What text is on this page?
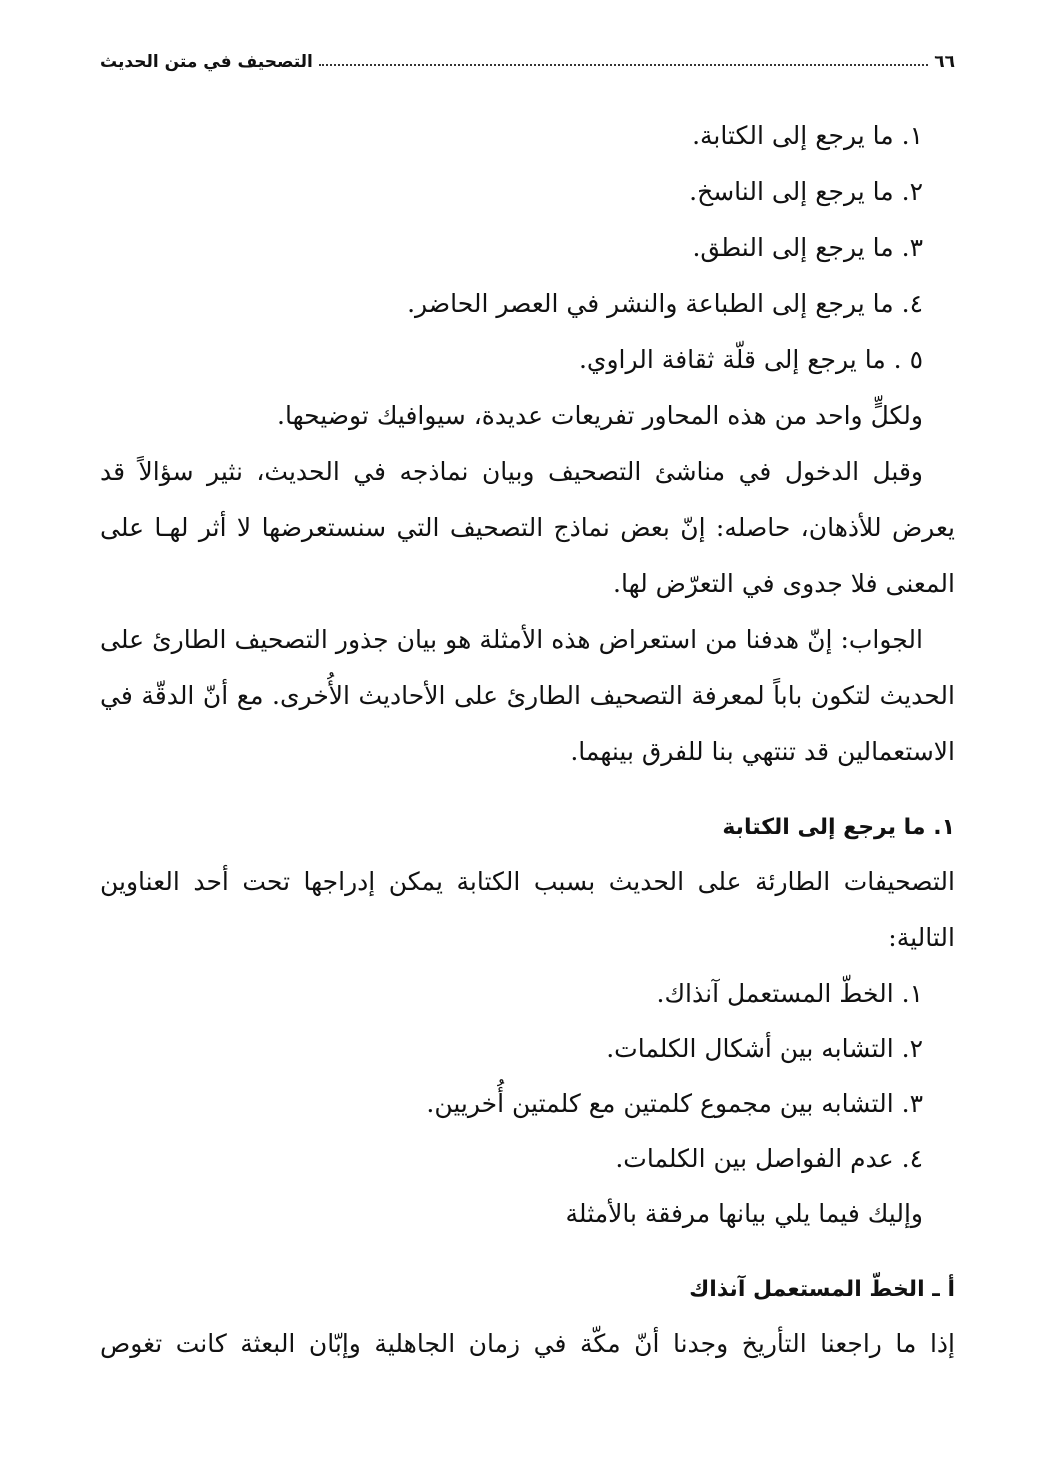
٦٦
التصحيف في متن الحديث
١. ما يرجع إلى الكتابة.
٢. ما يرجع إلى الناسخ.
٣. ما يرجع إلى النطق.
٤. ما يرجع إلى الطباعة والنشر في العصر الحاضر.
٥ . ما يرجع إلى قلّة ثقافة الراوي.

ولكلٍّ واحد من هذه المحاور تفريعات عديدة، سيوافيك توضيحها.

وقبل الدخول في مناشئ التصحيف وبيان نماذجه في الحديث، نثير سؤالاً قد يعرض للأذهان، حاصله: إنّ بعض نماذج التصحيف التي سنستعرضها لا أثر لهـا على المعنى فلا جدوى في التعرّض لها.

الجواب: إنّ هدفنا من استعراض هذه الأمثلة هو بيان جذور التصحيف الطارئ على الحديث لتكون باباً لمعرفة التصحيف الطارئ على الأحاديث الأُخرى. مع أنّ الدقّة في الاستعمالين قد تنتهي بنا للفرق بينهما.

١. ما يرجع إلى الكتابة

التصحيفات الطارئة على الحديث بسبب الكتابة يمكن إدراجها تحت أحد العناوين التالية:

١. الخطّ المستعمل آنذاك.
٢. التشابه بين أشكال الكلمات.
٣. التشابه بين مجموع كلمتين مع كلمتين أُخريين.
٤. عدم الفواصل بين الكلمات.

وإليك فيما يلي بيانها مرفقة بالأمثلة

أ ـ الخطّ المستعمل آنذاك

إذا ما راجعنا التأريخ وجدنا أنّ مكّة في زمان الجاهلية وإبّان البعثة كانت تغوص
